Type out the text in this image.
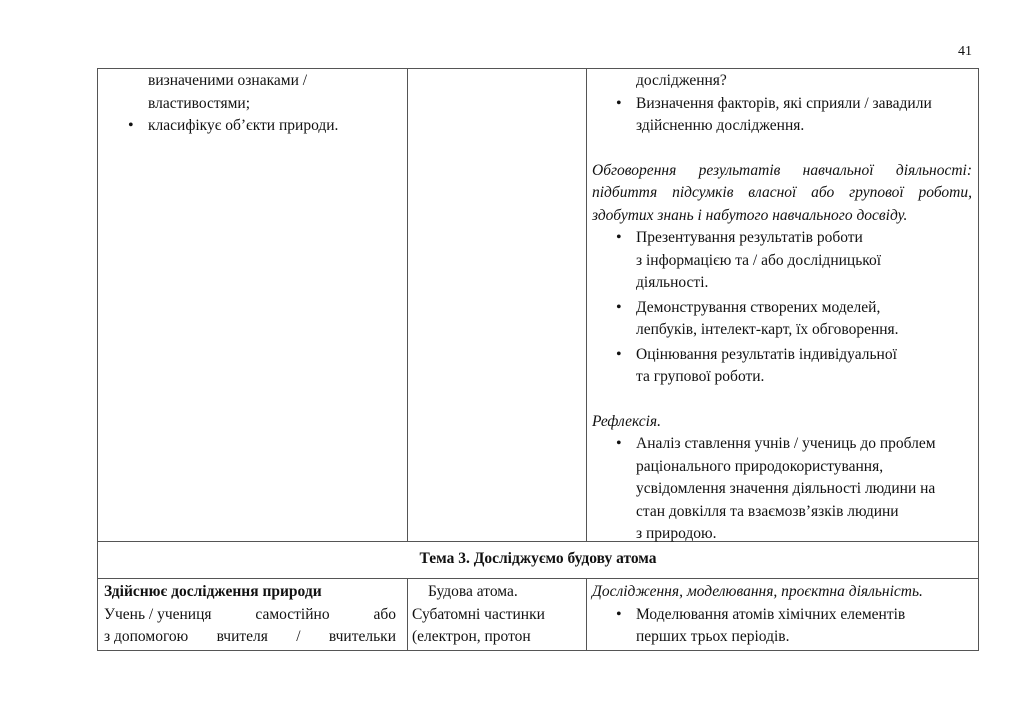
41
визначеними ознаками /
властивостями;
• класифікує об’єкти природи.
дослідження?
• Визначення факторів, які сприяли / завадили
здійсненню дослідження.
Обговорення результатів навчальної діяльності: підбиття підсумків власної або групової роботи, здобутих знань і набутого навчального досвіду.
• Презентування результатів роботи
з інформацією та / або дослідницької
діяльності.
• Демонстрування створених моделей,
лепбуків, інтелект-карт, їх обговорення.
• Оцінювання результатів індивідуальної
та групової роботи.
Рефлексія.
• Аналіз ставлення учнів / учениць до проблем
раціонального природокористування,
усвідомлення значення діяльності людини на
стан довкілля та взаємозв’язків людини
з природою.
Тема 3. Досліджуємо будову атома
Здійснює дослідження природи
Учень / учениця	самостійно	або
з допомогою вчителя / вчительки
Будова атома.
Субатомні частинки
(електрон, протон
Дослідження, моделювання, проєктна діяльність.
• Моделювання атомів хімічних елементів
перших трьох періодів.
